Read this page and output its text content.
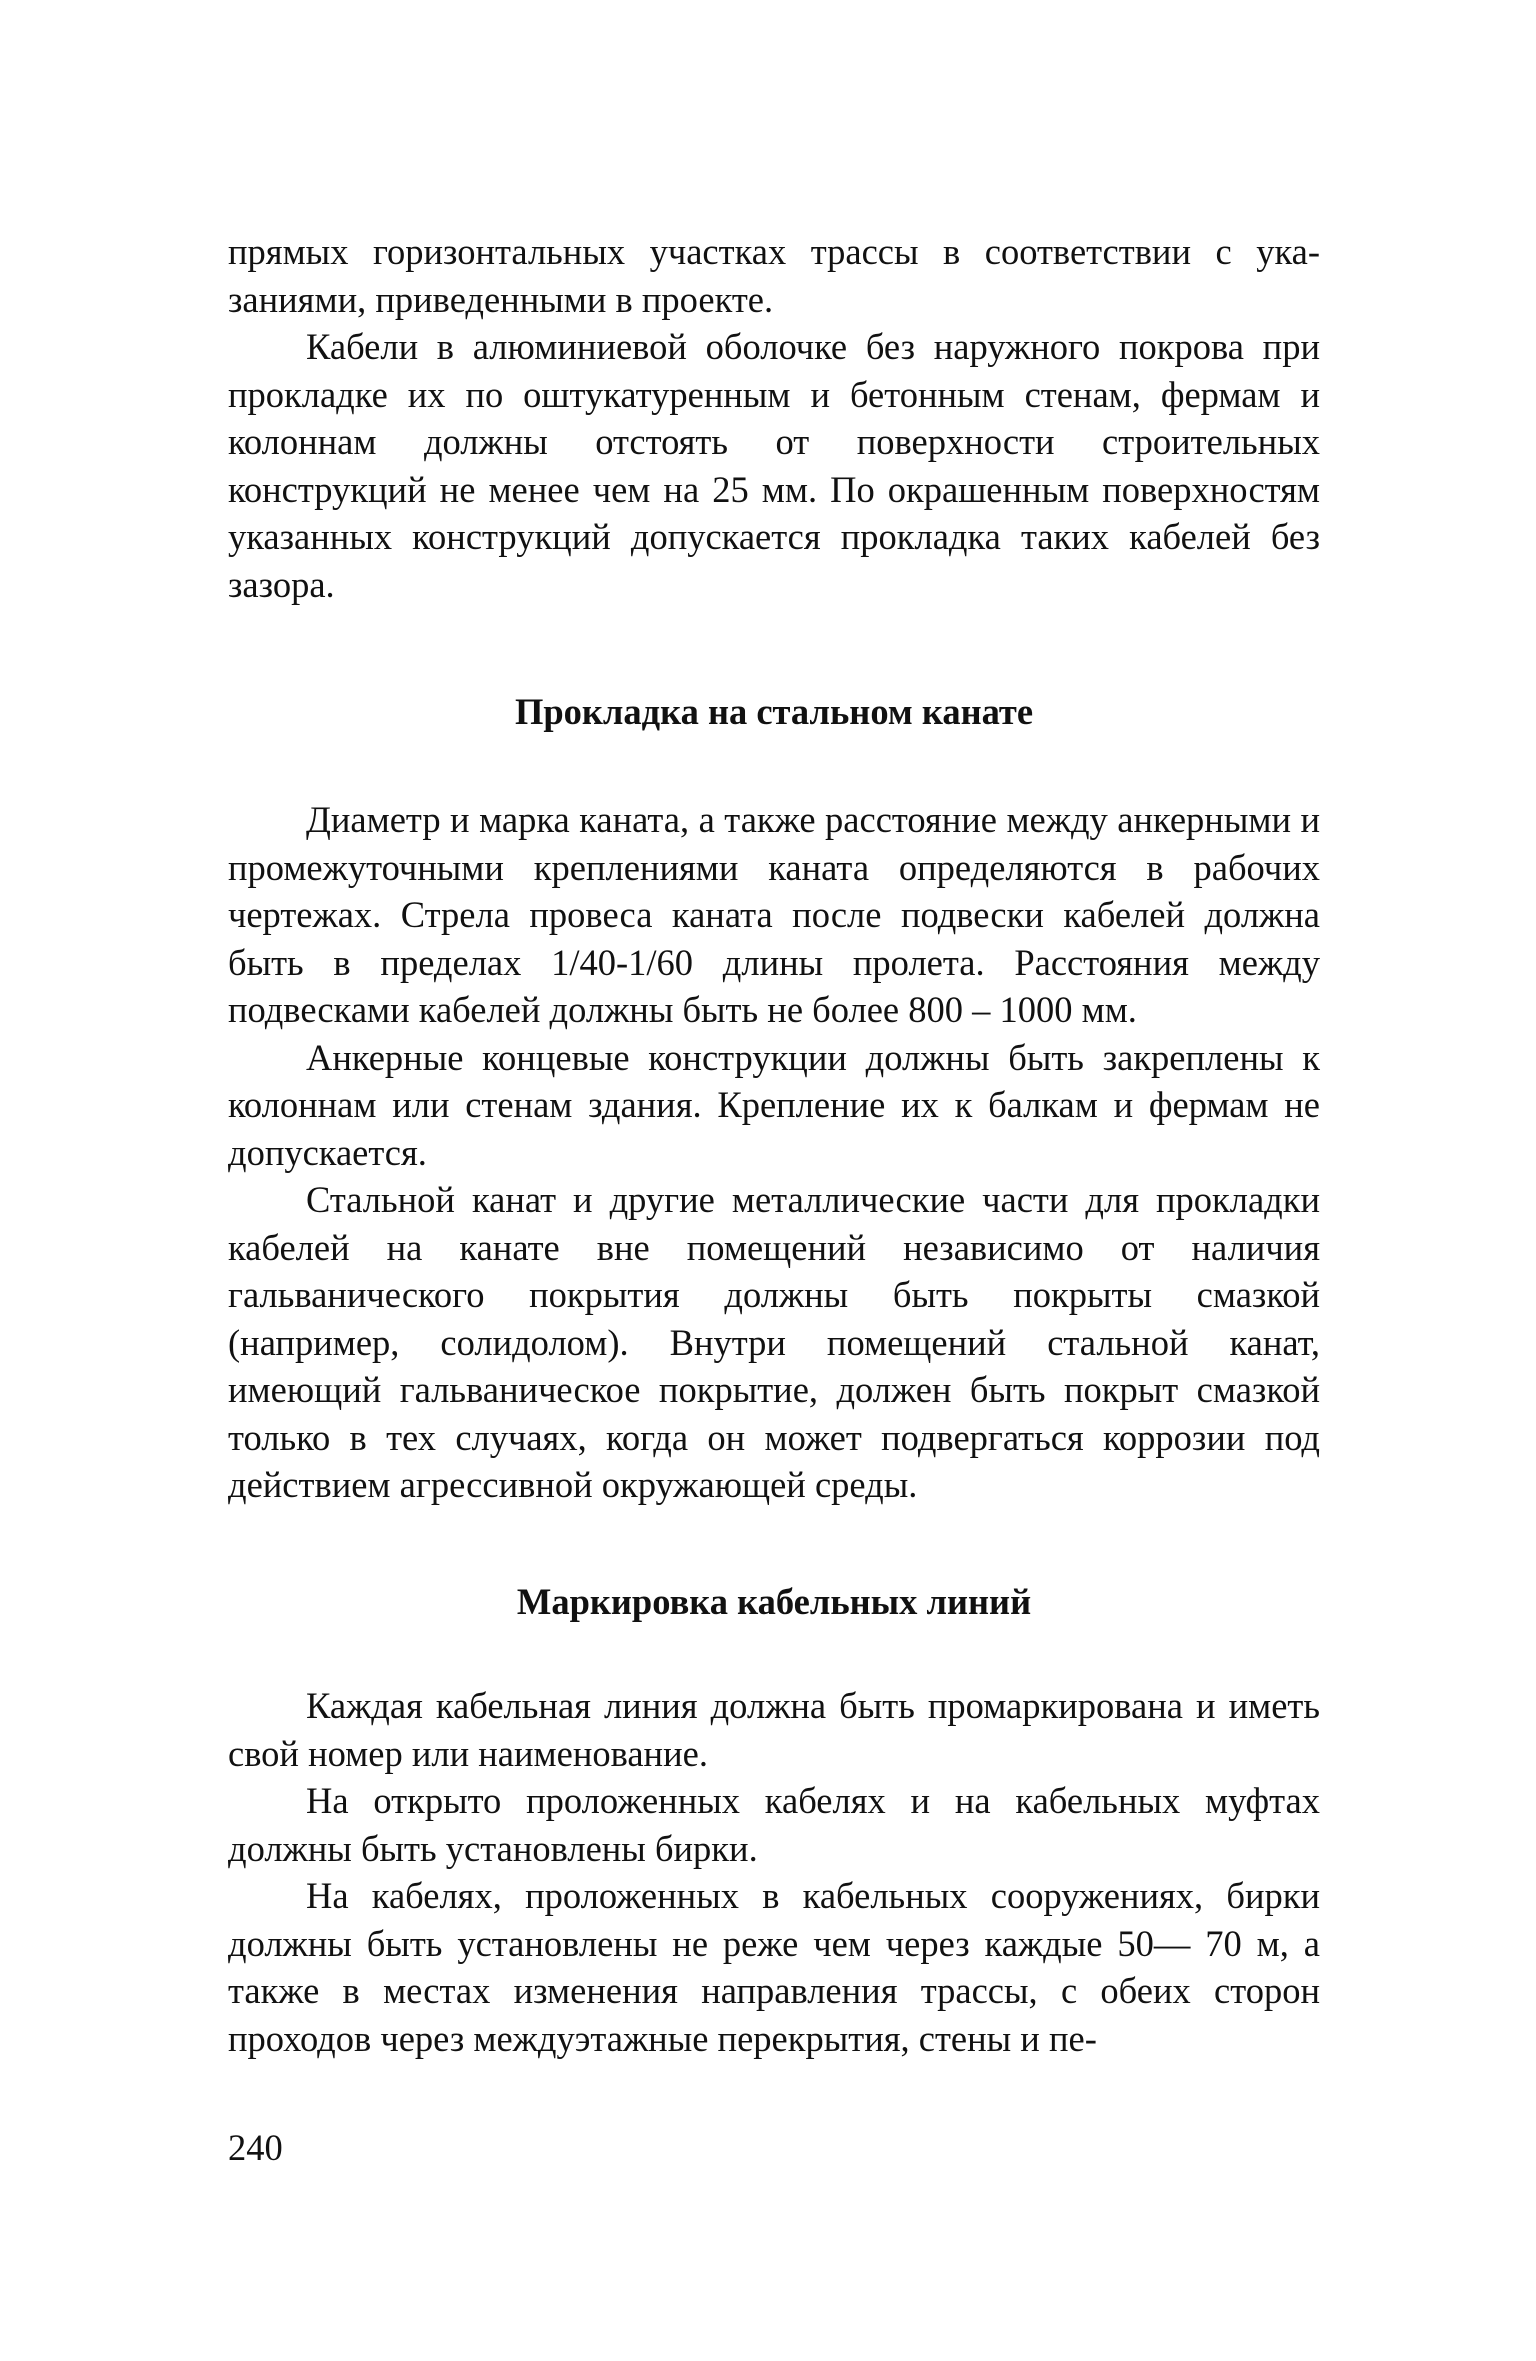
прямых горизонтальных участках трассы в соответствии с указаниями, приведенными в проекте.

Кабели в алюминиевой оболочке без наружного покрова при прокладке их по оштукатуренным и бетонным стенам, фермам и колоннам должны отстоять от поверхности строительных конструкций не менее чем на 25 мм. По окрашенным поверхностям указанных конструкций допускается прокладка таких кабелей без зазора.

Прокладка на стальном канате

Диаметр и марка каната, а также расстояние между анкерными и промежуточными креплениями каната определяются в рабочих чертежах. Стрела провеса каната после подвески кабелей должна быть в пределах 1/40-1/60 длины пролета. Расстояния между подвесками кабелей должны быть не более 800 – 1000 мм.

Анкерные концевые конструкции должны быть закреплены к колоннам или стенам здания. Крепление их к балкам и фермам не допускается.

Стальной канат и другие металлические части для прокладки кабелей на канате вне помещений независимо от наличия гальванического покрытия должны быть покрыты смазкой (например, солидолом). Внутри помещений стальной канат, имеющий гальваническое покрытие, должен быть покрыт смазкой только в тех случаях, когда он может подвергаться коррозии под действием агрессивной окружающей среды.

Маркировка кабельных линий

Каждая кабельная линия должна быть промаркирована и иметь свой номер или наименование.

На открыто проложенных кабелях и на кабельных муфтах должны быть установлены бирки.

На кабелях, проложенных в кабельных сооружениях, бирки должны быть установлены не реже чем через каждые 50— 70 м, а также в местах изменения направления трассы, с обеих сторон проходов через междуэтажные перекрытия, стены и пе-

240
